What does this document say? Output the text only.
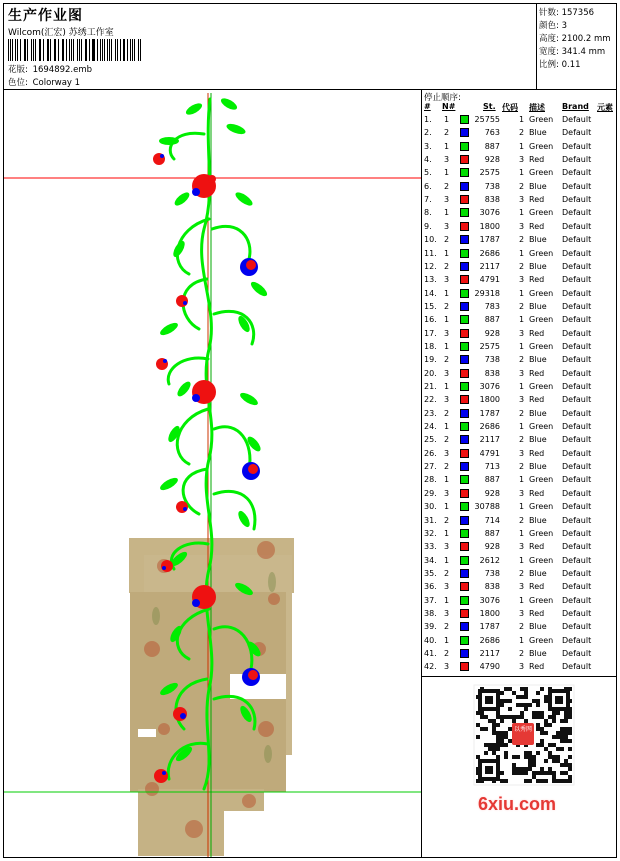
生产作业图
Wilcom(汇宏) 苏绣工作室
花版: 1694892.emb
色位: Colorway 1
针数: 157356
颜色: 3
高度: 2100.2 mm
宽度: 341.4 mm
比例: 0.11
停止顺序:
# N#	St. 代码 描述 Brand 元素
1. 1	25755 1 Green Default
2. 2	763 2 Blue Default
3. 1	887 1 Green Default
4. 3	928 3 Red Default
5. 1	2575 1 Green Default
6. 2	738 2 Blue Default
7. 3	838 3 Red Default
8. 1	3076 1 Green Default
9. 3	1800 3 Red Default
10. 2	1787 2 Blue Default
11. 1	2686 1 Green Default
12. 2	2117 2 Blue Default
13. 3	4791 3 Red Default
14. 1	29318 1 Green Default
15. 2	783 2 Blue Default
16. 1	887 1 Green Default
17. 3	928 3 Red Default
18. 1	2575 1 Green Default
19. 2	738 2 Blue Default
20. 3	838 3 Red Default
21. 1	3076 1 Green Default
22. 3	1800 3 Red Default
23. 2	1787 2 Blue Default
24. 1	2686 1 Green Default
25. 2	2117 2 Blue Default
26. 3	4791 3 Red Default
27. 2	713 2 Blue Default
28. 1	887 1 Green Default
29. 3	928 3 Red Default
30. 1	30788 1 Green Default
31. 2	714 2 Blue Default
32. 1	887 1 Green Default
33. 3	928 3 Red Default
34. 1	2612 1 Green Default
35. 2	738 2 Blue Default
36. 3	838 3 Red Default
37. 1	3076 1 Green Default
38. 3	1800 3 Red Default
39. 2	1787 2 Blue Default
40. 1	2686 1 Green Default
41. 2	2117 2 Blue Default
42. 3	4790 3 Red Default
以秀网
6xiu.com
